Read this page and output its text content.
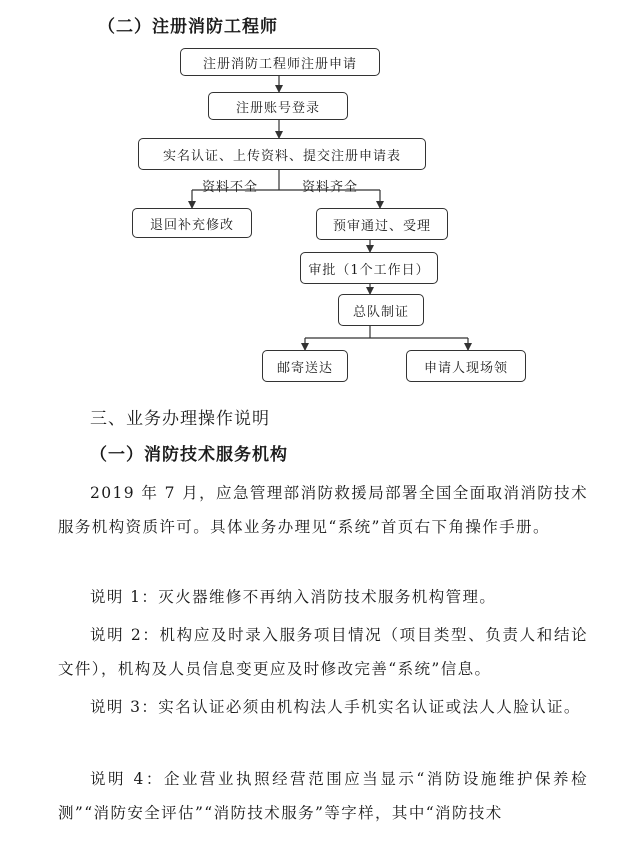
（二）注册消防工程师
注册消防工程师注册申请
注册账号登录
实名认证、上传资料、提交注册申请表
资料不全	资料齐全
退回补充修改	预审通过、受理
审批（1个工作日）
总队制证
邮寄送达	申请人现场领
三、业务办理操作说明
（一）消防技术服务机构
2019 年 7 月，应急管理部消防救援局部署全国全面取消消防技术服务机构资质许可。具体业务办理见“系统”首页右下角操作手册。
说明 1：灭火器维修不再纳入消防技术服务机构管理。
说明 2：机构应及时录入服务项目情况（项目类型、负责人和结论文件），机构及人员信息变更应及时修改完善“系统”信息。
说明 3：实名认证必须由机构法人手机实名认证或法人人脸认证。
说明 4：企业营业执照经营范围应当显示“消防设施维护保养检测”“消防安全评估”“消防技术服务”等字样，其中“消防技术
